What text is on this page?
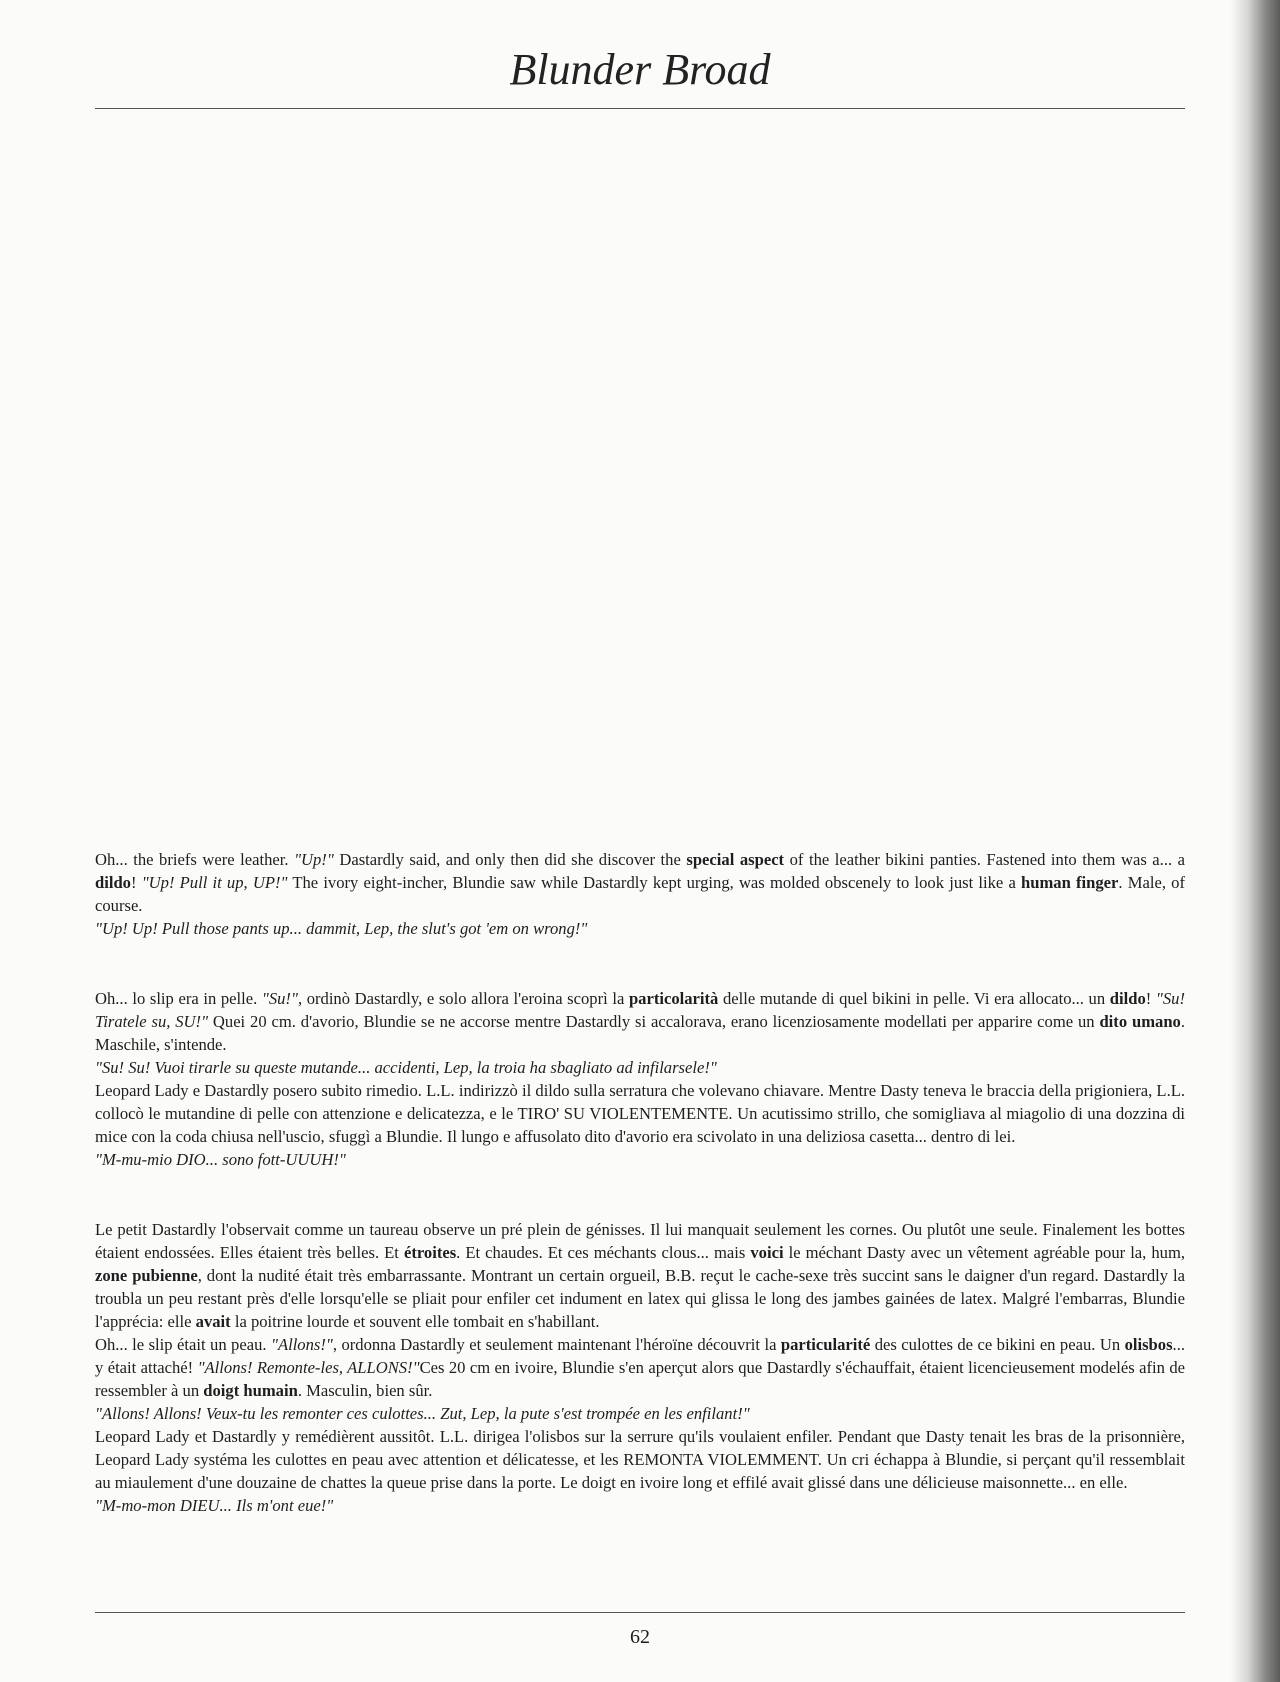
Blunder Broad

Oh... the briefs were leather. "Up!" Dastardly said, and only then did she discover the special aspect of the leather bikini panties. Fastened into them was a... a dildo! "Up! Pull it up, UP!" The ivory eight-incher, Blundie saw while Dastardly kept urging, was molded obscenely to look just like a human finger. Male, of course.

"Up! Up! Pull those pants up... dammit, Lep, the slut's got 'em on wrong!"

Oh... lo slip era in pelle. "Su!", ordinò Dastardly, e solo allora l'eroina scoprì la particolarità delle mutande di quel bikini in pelle. Vi era allocato... un dildo! "Su! Tiratele su, SU!" Quei 20 cm. d'avorio, Blundie se ne accorse mentre Dastardly si accalorava, erano licenziosamente modellati per apparire come un dito umano. Maschile, s'intende.

"Su! Su! Vuoi tirarle su queste mutande... accidenti, Lep, la troia ha sbagliato ad infilarsele!"

Leopard Lady e Dastardly posero subito rimedio. L.L. indirizzò il dildo sulla serratura che volevano chiavare. Mentre Dasty teneva le braccia della prigioniera, L.L. collocò le mutandine di pelle con attenzione e delicatezza, e le TIRO' SU VIOLENTEMENTE. Un acutissimo strillo, che somigliava al miagolio di una dozzina di mice con la coda chiusa nell'uscio, sfuggì a Blundie. Il lungo e affusolato dito d'avorio era scivolato in una deliziosa casetta... dentro di lei.

"M-mu-mio DIO... sono fott-UUUH!"

Le petit Dastardly l'observait comme un taureau observe un pré plein de génisses. Il lui manquait seulement les cornes. Ou plutôt une seule. Finalement les bottes étaient endossées. Elles étaient très belles. Et étroites. Et chaudes. Et ces méchants clous... mais voici le méchant Dasty avec un vêtement agréable pour la, hum, zone pubienne, dont la nudité était très embarrassante. Montrant un certain orgueil, B.B. reçut le cache-sexe très succint sans le daigner d'un regard. Dastardly la troubla un peu restant près d'elle lorsqu'elle se pliait pour enfiler cet indument en latex qui glissa le long des jambes gainées de latex. Malgré l'embarras, Blundie l'apprécia: elle avait la poitrine lourde et souvent elle tombait en s'habillant.

Oh... le slip était un peau. "Allons!", ordonna Dastardly et seulement maintenant l'héroïne découvrit la particularité des culottes de ce bikini en peau. Un olisbos... y était attaché! "Allons! Remonte-les, ALLONS!"Ces 20 cm en ivoire, Blundie s'en aperçut alors que Dastardly s'échauffait, étaient licencieusement modelés afin de ressembler à un doigt humain. Masculin, bien sûr.

"Allons! Allons! Veux-tu les remonter ces culottes... Zut, Lep, la pute s'est trompée en les enfilant!"

Leopard Lady et Dastardly y remédièrent aussitôt. L.L. dirigea l'olisbos sur la serrure qu'ils voulaient enfiler. Pendant que Dasty tenait les bras de la prisonnière, Leopard Lady systéma les culottes en peau avec attention et délicatesse, et les REMONTA VIOLEMMENT. Un cri échappa à Blundie, si perçant qu'il ressemblait au miaulement d'une douzaine de chattes la queue prise dans la porte. Le doigt en ivoire long et effilé avait glissé dans une délicieuse maisonnette... en elle.

"M-mo-mon DIEU... Ils m'ont eue!"

62
